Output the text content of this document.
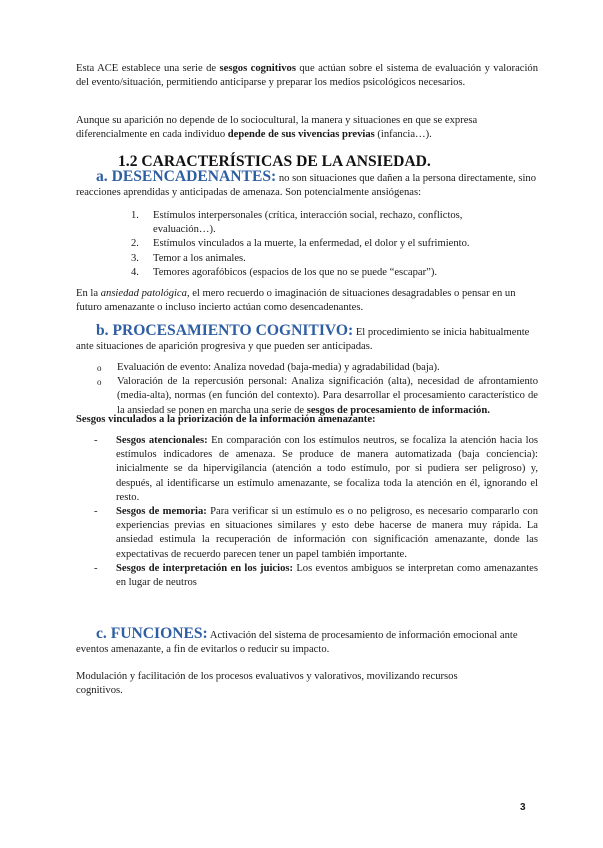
Esta ACE establece una serie de sesgos cognitivos que actúan sobre el sistema de evaluación y valoración del evento/situación, permitiendo anticiparse y preparar los medios psicológicos necesarios.

Aunque su aparición no depende de lo sociocultural, la manera y situaciones en que se expresa diferencialmente en cada individuo depende de sus vivencias previas (infancia…).

1.2 CARACTERÍSTICAS DE LA ANSIEDAD.

a. DESENCADENANTES: no son situaciones que dañen a la persona directamente, sino reacciones aprendidas y anticipadas de amenaza. Son potencialmente ansiógenas:

1. Estímulos interpersonales (crítica, interacción social, rechazo, conflictos, evaluación…).
2. Estímulos vinculados a la muerte, la enfermedad, el dolor y el sufrimiento.
3. Temor a los animales.
4. Temores agorafóbicos (espacios de los que no se puede “escapar”).

En la ansiedad patológica, el mero recuerdo o imaginación de situaciones desagradables o pensar en un futuro amenazante o incluso incierto actúan como desencadenantes.

b. PROCESAMIENTO COGNITIVO: El procedimiento se inicia habitualmente ante situaciones de aparición progresiva y que pueden ser anticipadas.

o Evaluación de evento: Analiza novedad (baja-media) y agradabilidad (baja).
o Valoración de la repercusión personal: Analiza significación (alta), necesidad de afrontamiento (media-alta), normas (en función del contexto). Para desarrollar el procesamiento característico de la ansiedad se ponen en marcha una serie de sesgos de procesamiento de información.

Sesgos vinculados a la priorización de la información amenazante:

- Sesgos atencionales: En comparación con los estímulos neutros, se focaliza la atención hacia los estímulos indicadores de amenaza. Se produce de manera automatizada (baja conciencia): inicialmente se da hipervigilancia (atención a todo estímulo, por si pudiera ser peligroso) y, después, al identificarse un estímulo amenazante, se focaliza toda la atención en él, ignorando el resto.
- Sesgos de memoria: Para verificar si un estímulo es o no peligroso, es necesario compararlo con experiencias previas en situaciones similares y esto debe hacerse de manera muy rápida. La ansiedad estimula la recuperación de información con significación amenazante, donde las expectativas de recuerdo parecen tener un papel también importante.
- Sesgos de interpretación en los juicios: Los eventos ambiguos se interpretan como amenazantes en lugar de neutros

c. FUNCIONES: Activación del sistema de procesamiento de información emocional ante eventos amenazante, a fin de evitarlos o reducir su impacto.

Modulación y facilitación de los procesos evaluativos y valorativos, movilizando recursos cognitivos.

3
